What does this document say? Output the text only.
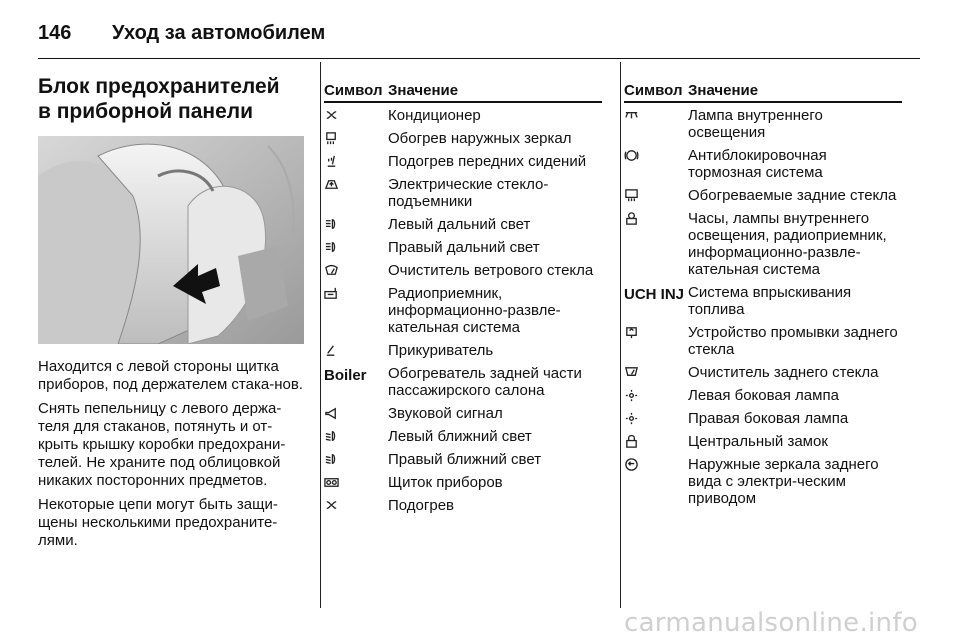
146	Уход за автомобилем
Блок предохранителей
в приборной панели

Находится с левой стороны щитка приборов, под держателем стака-нов.

Снять пепельницу с левого держа-теля для стаканов, потянуть и от-крыть крышку коробки предохрани-телей. Не храните под облицовкой никаких посторонних предметов.

Некоторые цепи могут быть защи-щены несколькими предохраните-лями.

Символ Значение
Кондиционер
Обогрев наружных зеркал
Подогрев передних сидений
Электрические стекло-подъемники
Левый дальний свет
Правый дальний свет
Очиститель ветрового стекла
Радиоприемник, информационно-развле-кательная система
Прикуриватель
Boiler	Обогреватель задней части пассажирского салона
Звуковой сигнал
Левый ближний свет
Правый ближний свет
Щиток приборов
Подогрев
Символ Значение
Лампа внутреннего освещения
Антиблокировочная тормозная система
Обогреваемые задние стекла
Часы, лампы внутреннего освещения, радиоприемник, информационно-развле-кательная система
UCH INJ Система впрыскивания топлива
Устройство промывки заднего стекла
Очиститель заднего стекла
Левая боковая лампа
Правая боковая лампа
Центральный замок
Наружные зеркала заднего вида с электри-ческим приводом
carmanualsonline.info
